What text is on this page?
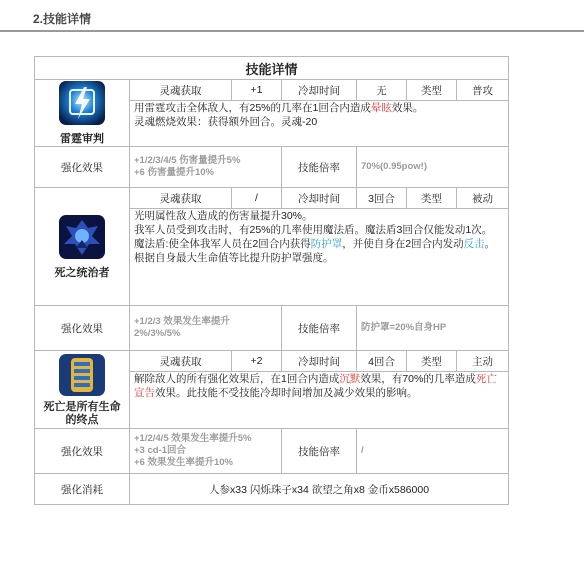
2.技能详情
技能详情						

雷霆审判	灵魂获取	+1	冷却时间	无	类型	普攻
	用雷霆攻击全体敌人，有25%的几率在1回合内造成晕眩效果。
灵魂燃烧效果：获得额外回合。灵魂-20					
强化效果	+1/2/3/4/5 伤害量提升5%
+6 伤害量提升10%		技能倍率	70%(0.95pow!)		

死之统治者	灵魂获取	/	冷却时间	3回合	类型	被动

	光明属性敌人造成的伤害量提升30%。
我军人员受到攻击时，有25%的几率使用魔法盾。魔法盾3回合仅能发动1次。
魔法盾:使全体我军人员在2回合内获得防护罩，并使自身在2回合内发动反击。根据自身最大生命值等比提升防护罩强度。					

强化效果	+1/2/3 效果发生率提升
2%/3%/5%		技能倍率	防护罩=20%自身HP		

死亡是所有生命的终点	灵魂获取	+2	冷却时间	4回合	类型	主动
	解除敌人的所有强化效果后，在1回合内造成沉默效果，有70%的几率造成死亡宣告效果。此技能不受技能冷却时间增加及减少效果的影响。					
强化效果	+1/2/4/5 效果发生率提升5%
+3 cd-1回合
+6 效果发生率提升10%		技能倍率	/		
强化消耗	人参x33 闪烁珠子x34 欲望之角x8 金币x586000					
